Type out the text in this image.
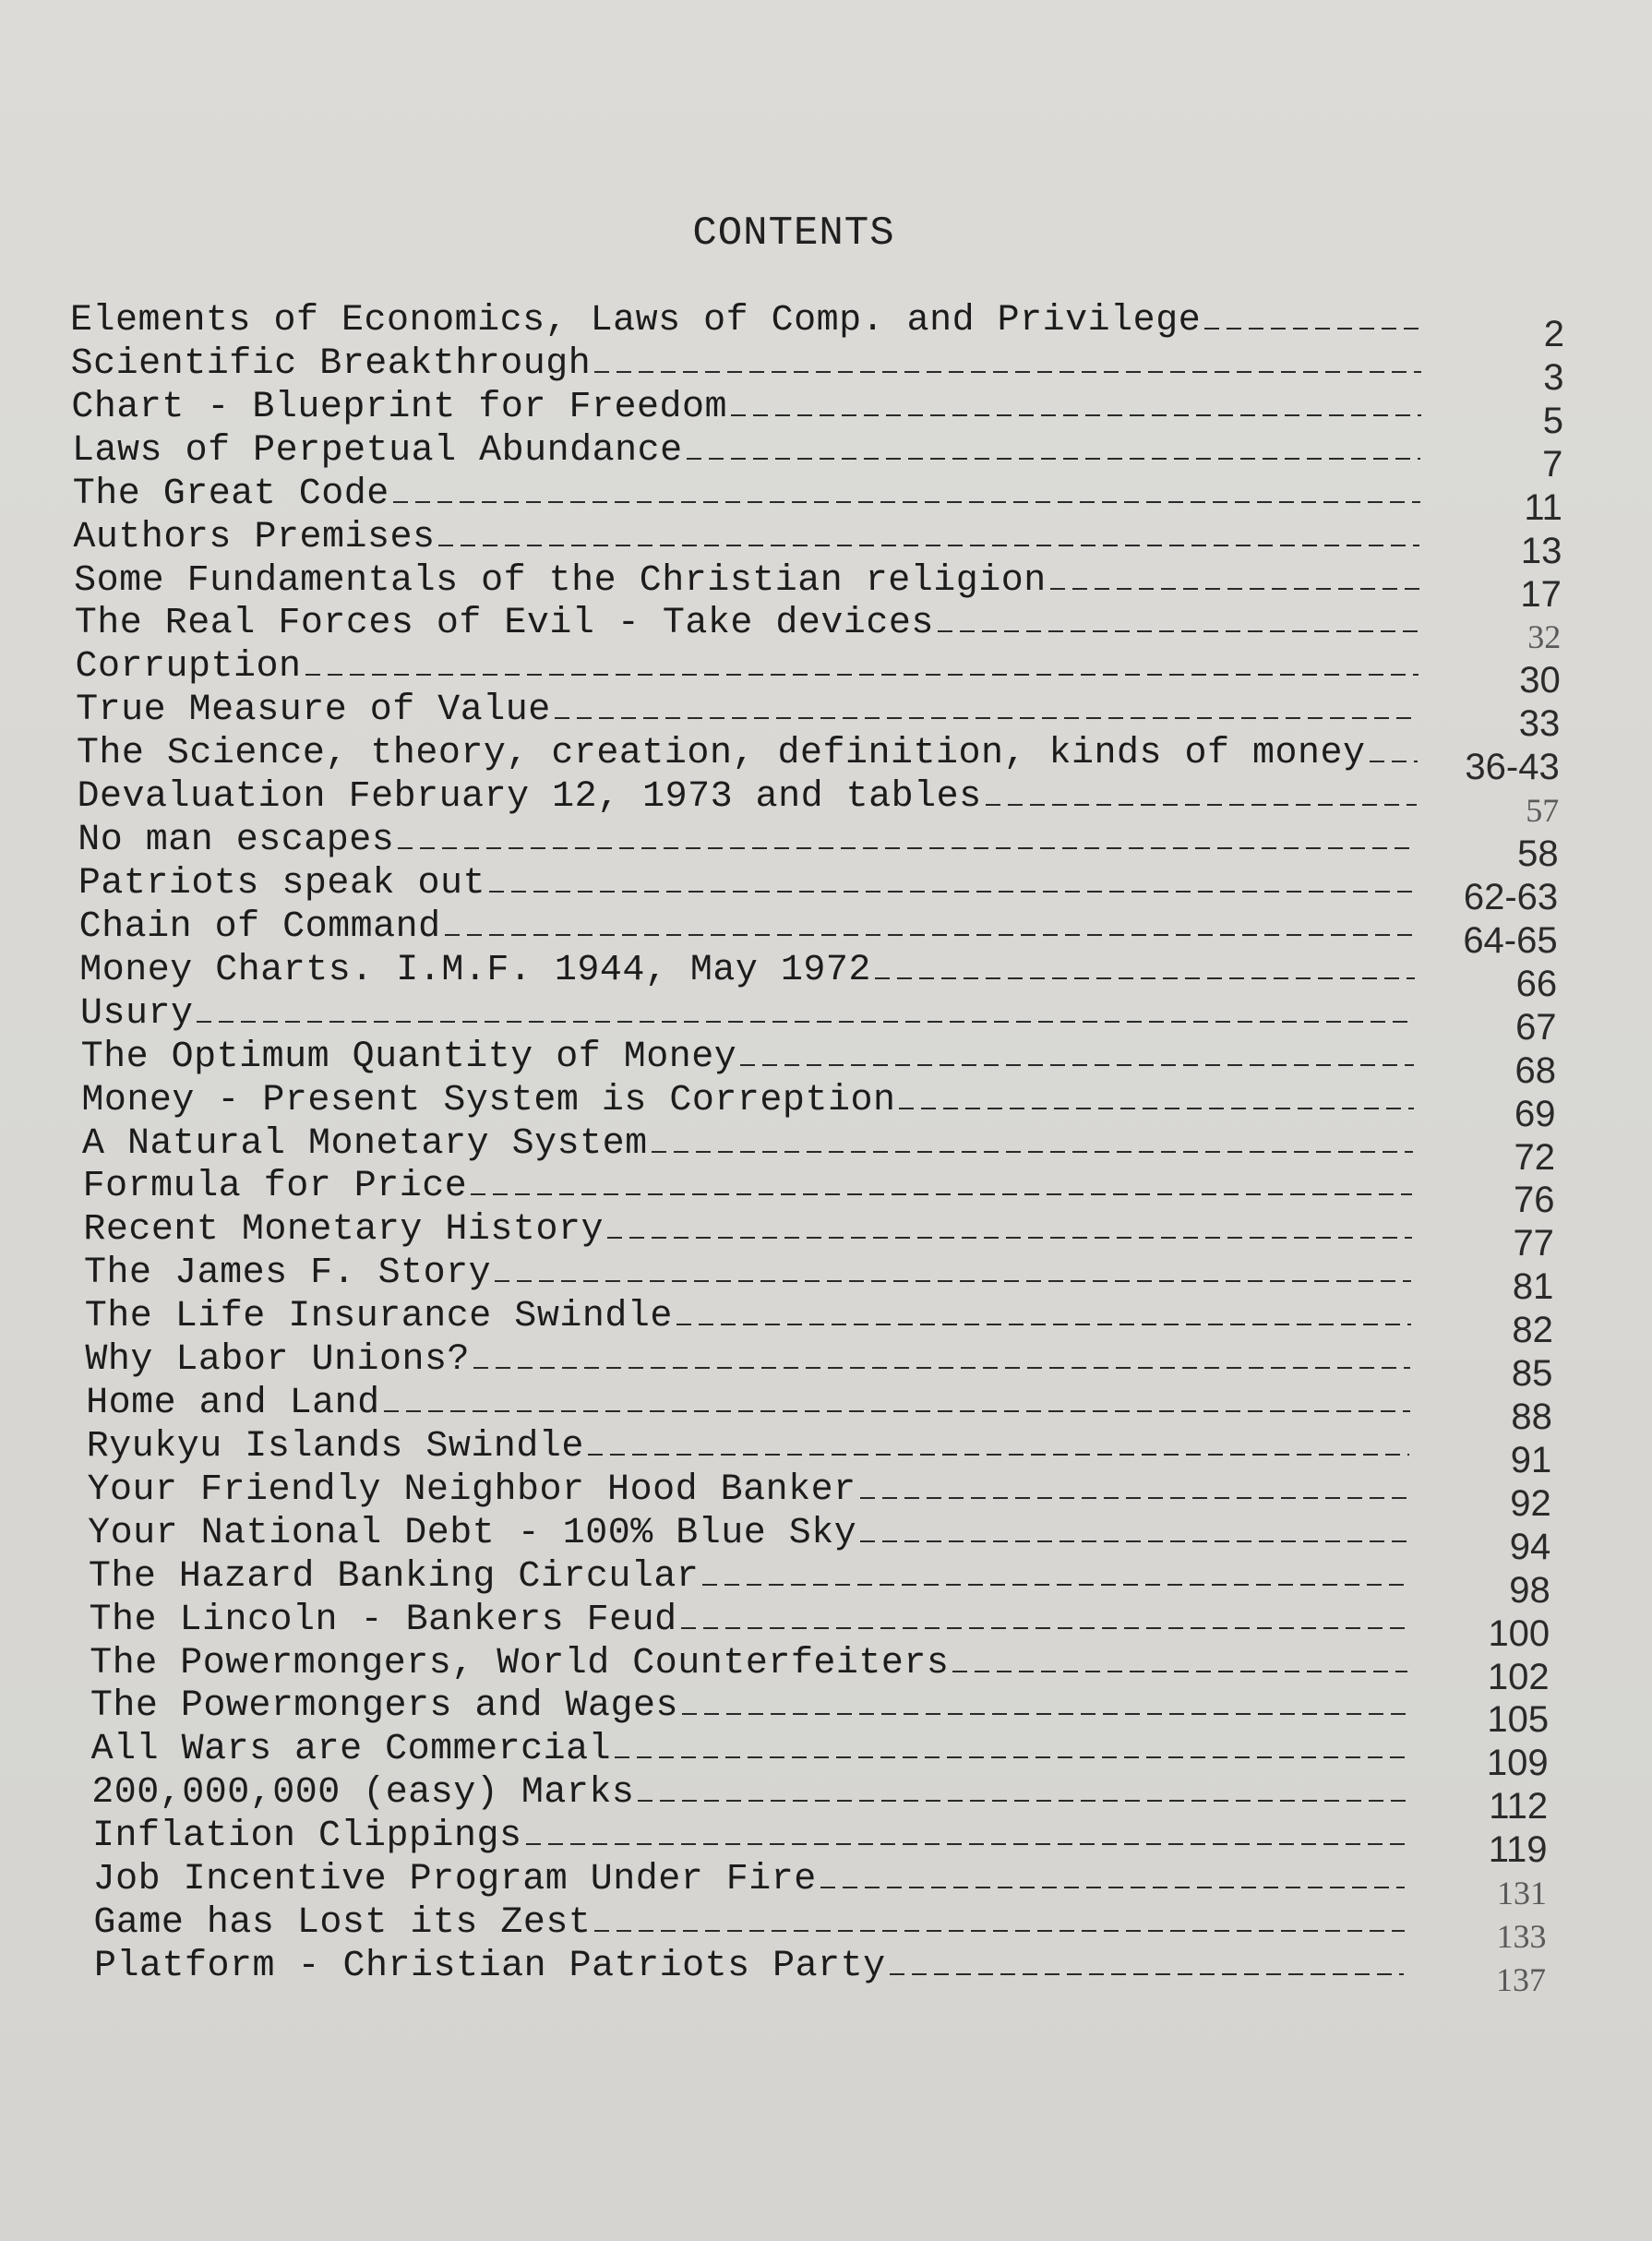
CONTENTS
Elements of Economics, Laws of Comp. and Privilege	2
Scientific Breakthrough	3
Chart - Blueprint for Freedom	5
Laws of Perpetual Abundance	7
The Great Code	11
Authors Premises	13
Some Fundamentals of the Christian religion	17
The Real Forces of Evil - Take devices	32
Corruption	30
True Measure of Value	33
The Science, theory, creation, definition, kinds of money	36-43
Devaluation February 12, 1973 and tables	57
No man escapes	58
Patriots speak out	62-63
Chain of Command	64-65
Money Charts. I.M.F. 1944, May 1972	66
Usury	67
The Optimum Quantity of Money	68
Money - Present System is Correption	69
A Natural Monetary System	72
Formula for Price	76
Recent Monetary History	77
The James F. Story	81
The Life Insurance Swindle	82
Why Labor Unions?	85
Home and Land	88
Ryukyu Islands Swindle	91
Your Friendly Neighbor Hood Banker	92
Your National Debt - 100% Blue Sky	94
The Hazard Banking Circular	98
The Lincoln - Bankers Feud	100
The Powermongers, World Counterfeiters	102
The Powermongers and Wages	105
All Wars are Commercial	109
200,000,000 (easy) Marks	112
Inflation Clippings	119
Job Incentive Program Under Fire	131
Game has Lost its Zest	133
Platform - Christian Patriots Party	137
